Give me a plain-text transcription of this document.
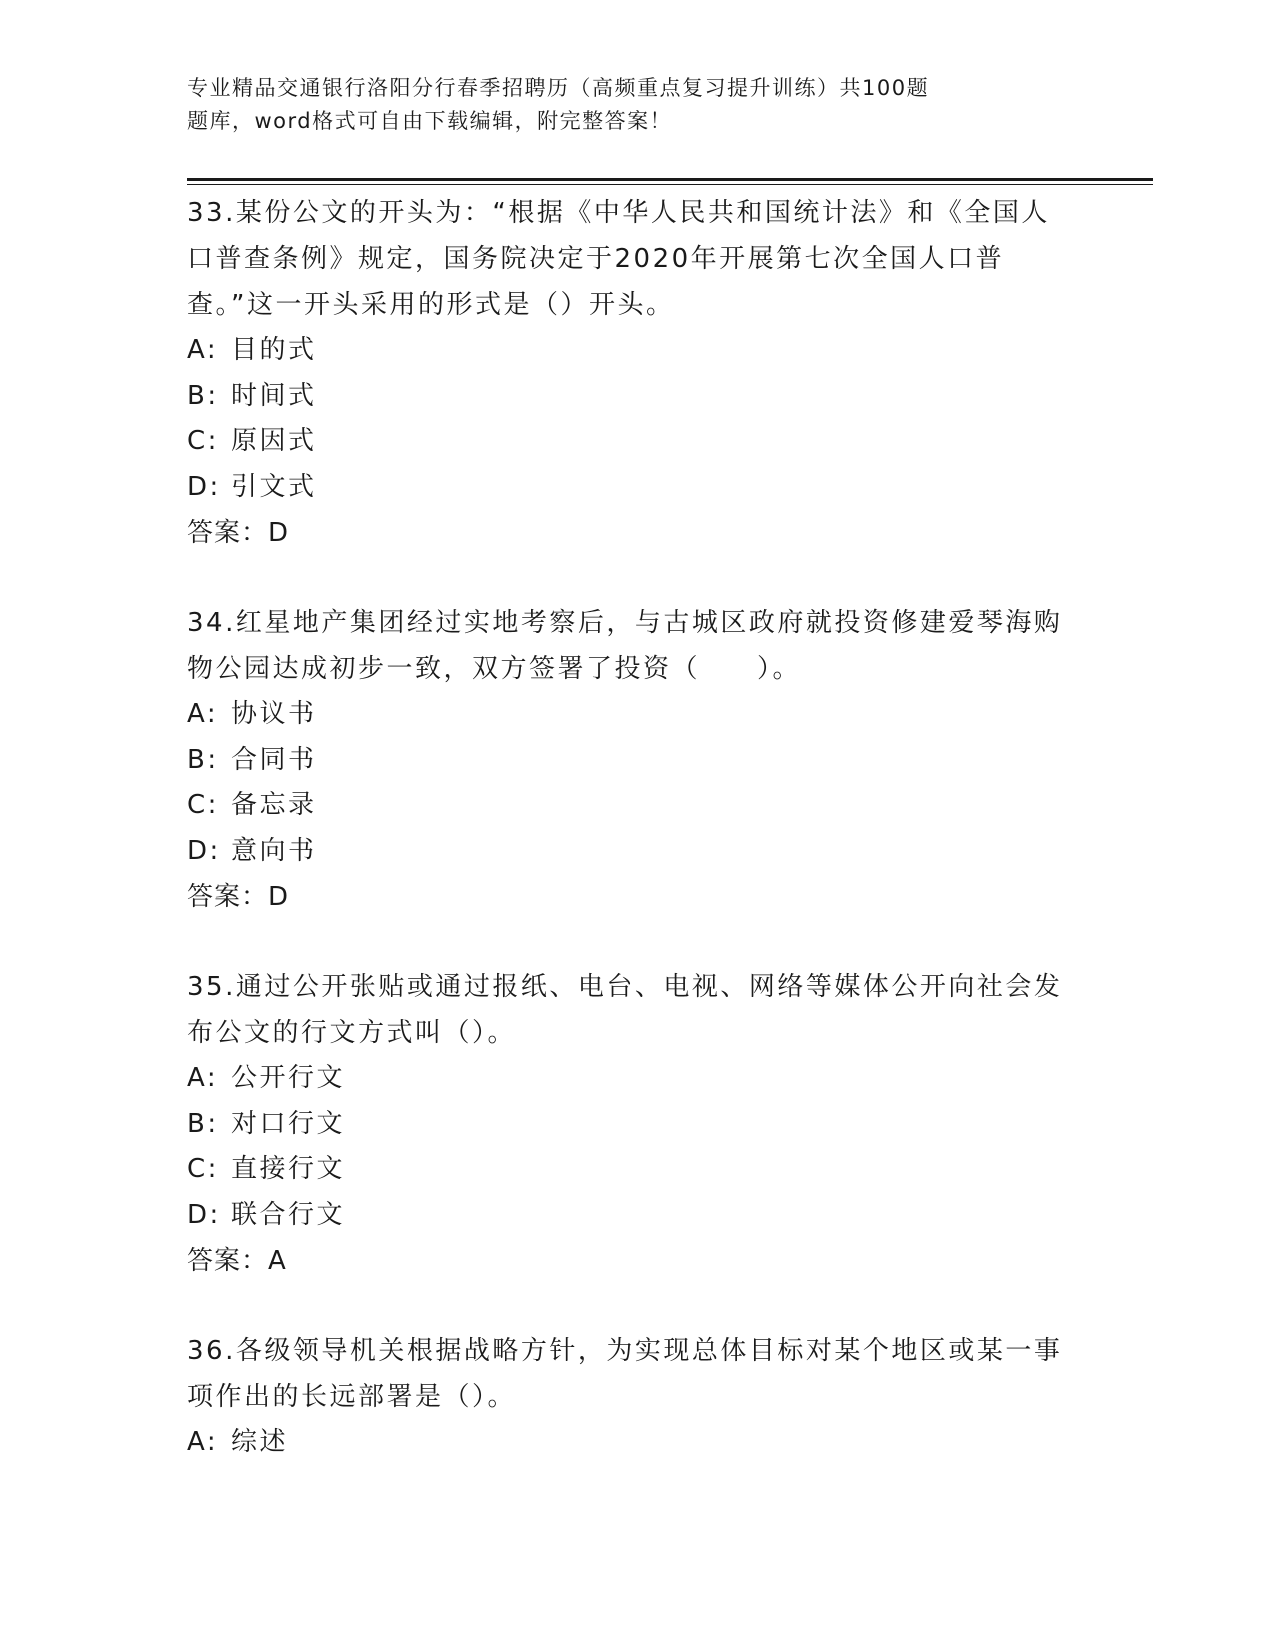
专业精品交通银行洛阳分行春季招聘历（高频重点复习提升训练）共100题
题库，word格式可自由下载编辑，附完整答案！

33.某份公文的开头为：“根据《中华人民共和国统计法》和《全国人口普查条例》规定，国务院决定于2020年开展第七次全国人口普查。”这一开头采用的形式是（）开头。

A: 目的式

B: 时间式

C: 原因式

D: 引文式

答案：D

34.红星地产集团经过实地考察后，与古城区政府就投资修建爱琴海购物公园达成初步一致，双方签署了投资（　　）。

A: 协议书

B: 合同书

C: 备忘录

D: 意向书

答案：D

35.通过公开张贴或通过报纸、电台、电视、网络等媒体公开向社会发布公文的行文方式叫（）。

A: 公开行文

B: 对口行文

C: 直接行文

D: 联合行文

答案：A

36.各级领导机关根据战略方针，为实现总体目标对某个地区或某一事项作出的长远部署是（）。

A: 综述
